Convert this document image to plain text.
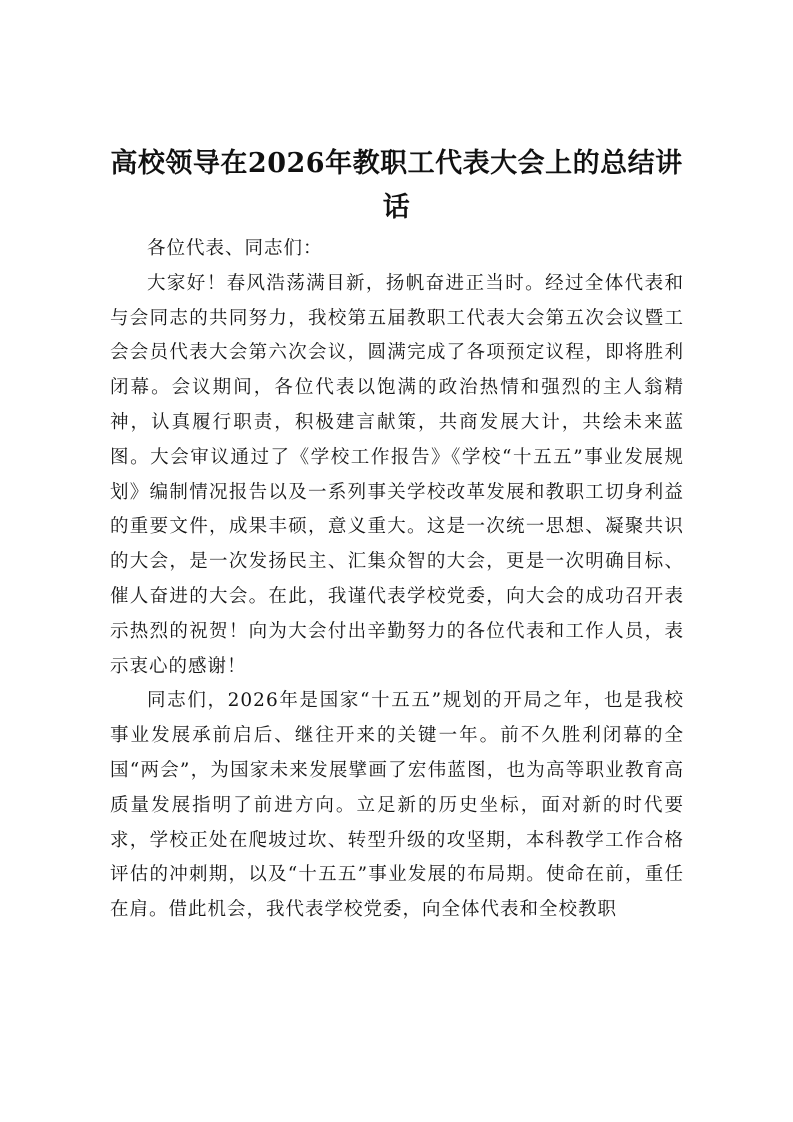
高校领导在2026年教职工代表大会上的总结讲话

各位代表、同志们：

大家好！春风浩荡满目新，扬帆奋进正当时。经过全体代表和与会同志的共同努力，我校第五届教职工代表大会第五次会议暨工会会员代表大会第六次会议，圆满完成了各项预定议程，即将胜利闭幕。会议期间，各位代表以饱满的政治热情和强烈的主人翁精神，认真履行职责，积极建言献策，共商发展大计，共绘未来蓝图。大会审议通过了《学校工作报告》《学校“十五五”事业发展规划》编制情况报告以及一系列事关学校改革发展和教职工切身利益的重要文件，成果丰硕，意义重大。这是一次统一思想、凝聚共识的大会，是一次发扬民主、汇集众智的大会，更是一次明确目标、催人奋进的大会。在此，我谨代表学校党委，向大会的成功召开表示热烈的祝贺！向为大会付出辛勤努力的各位代表和工作人员，表示衷心的感谢！

同志们，2026年是国家“十五五”规划的开局之年，也是我校事业发展承前启后、继往开来的关键一年。前不久胜利闭幕的全国“两会”，为国家未来发展擘画了宏伟蓝图，也为高等职业教育高质量发展指明了前进方向。立足新的历史坐标，面对新的时代要求，学校正处在爬坡过坎、转型升级的攻坚期，本科教学工作合格评估的冲刺期，以及“十五五”事业发展的布局期。使命在前，重任在肩。借此机会，我代表学校党委，向全体代表和全校教职
